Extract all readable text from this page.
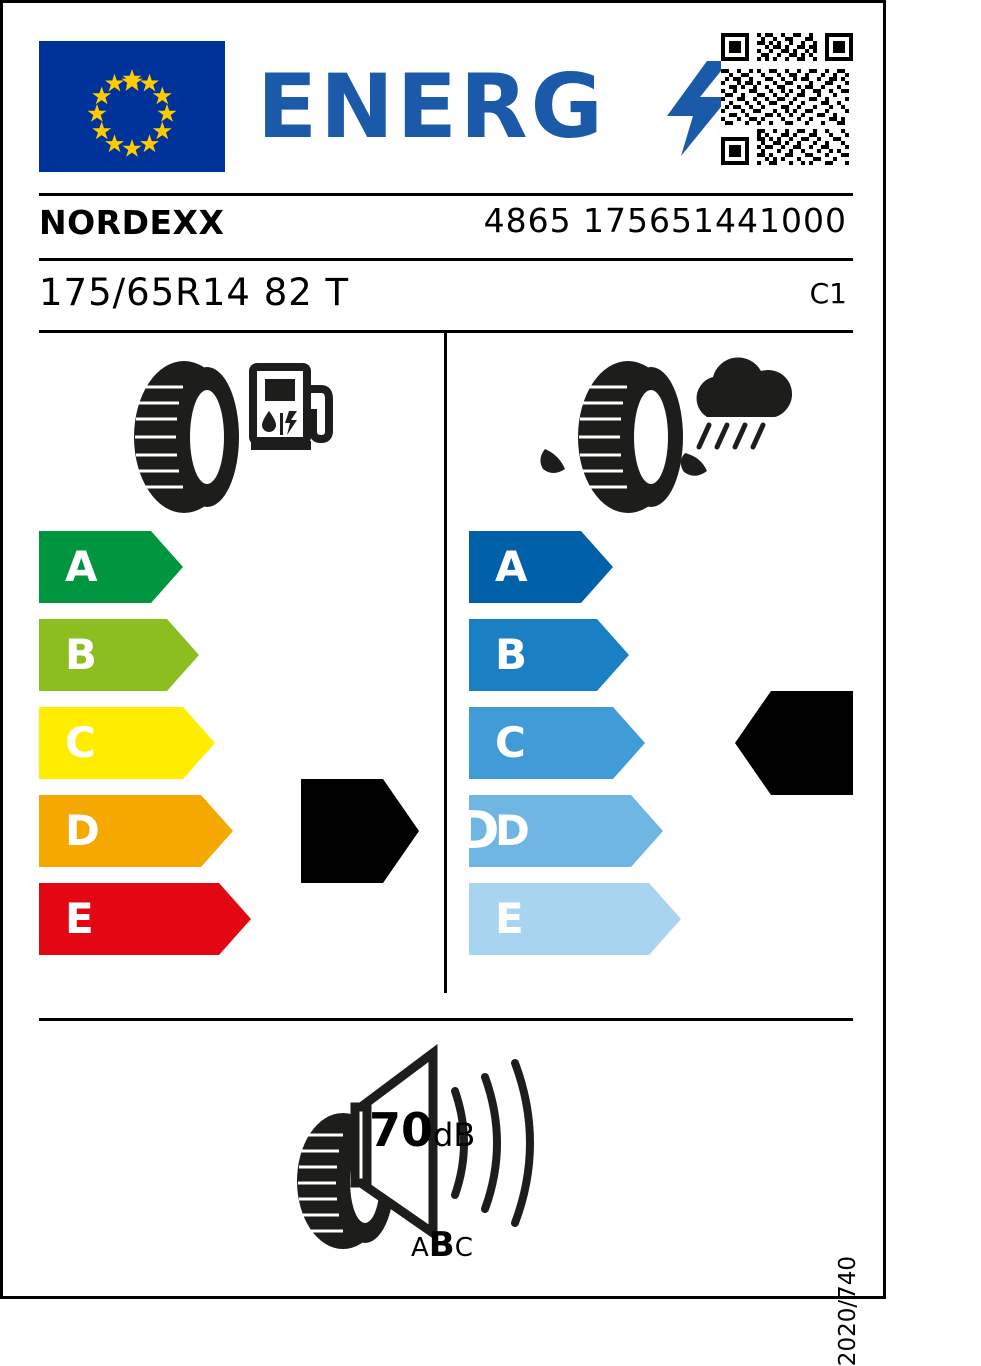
ENERG
NORDEXX	4865 175651441000
175/65R14 82 T	C1
A	A
B	B
C	C	C
D	D
D
E	E
70dB
ABC
2020/740
